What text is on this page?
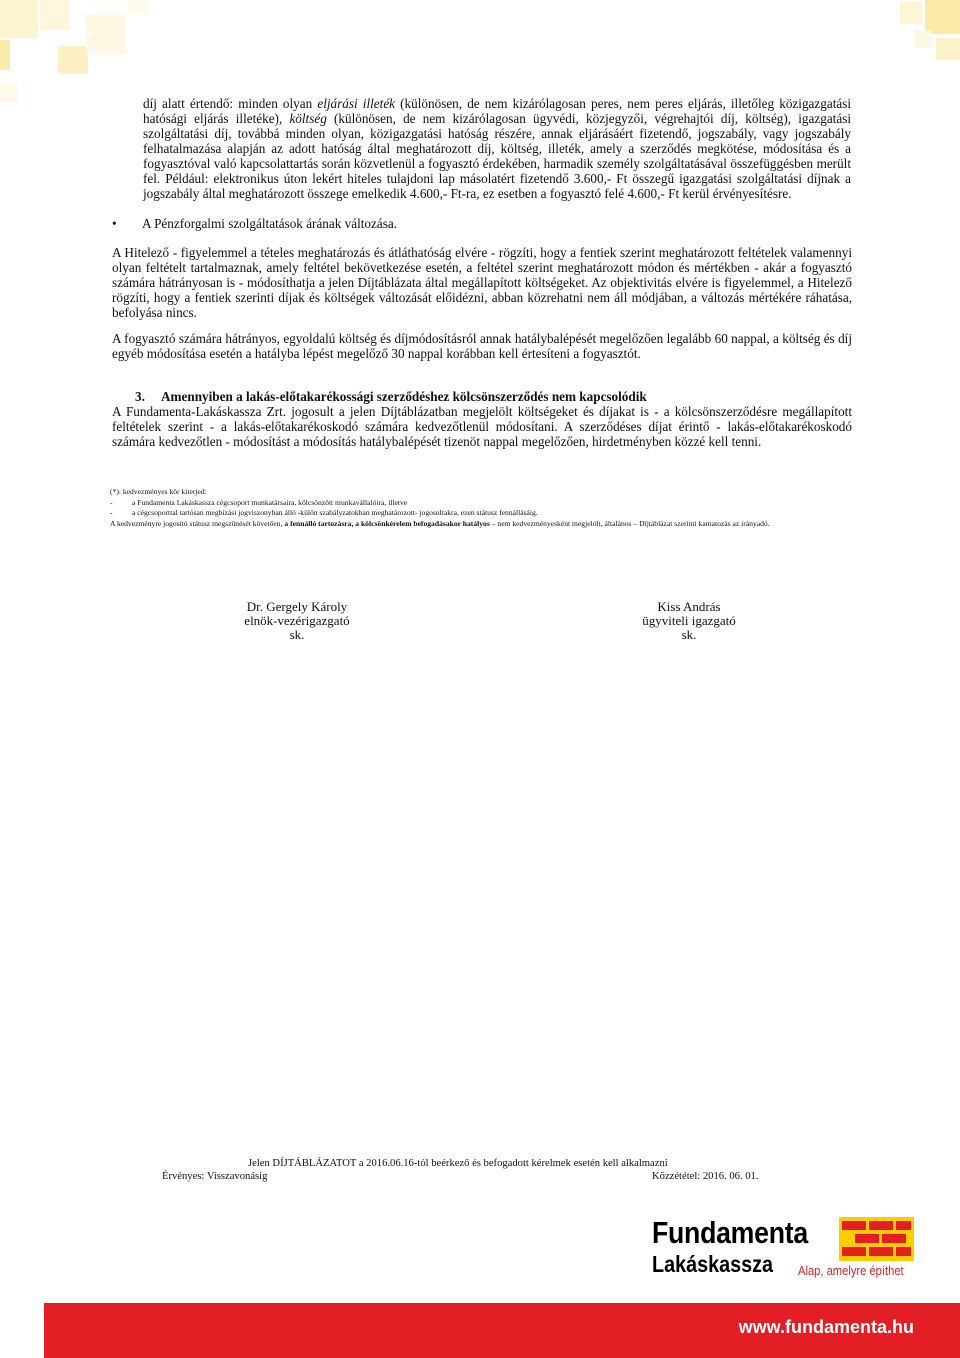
díj alatt értendő: minden olyan eljárási illeték (különösen, de nem kizárólagosan peres, nem peres eljárás, illetőleg közigazgatási hatósági eljárás illetéke), költség (különösen, de nem kizárólagosan ügyvédi, közjegyzői, végrehajtói díj, költség), igazgatási szolgáltatási díj, továbbá minden olyan, közigazgatási hatóság részére, annak eljárásáért fizetendő, jogszabály, vagy jogszabály felhatalmazása alapján az adott hatóság által meghatározott díj, költség, illeték, amely a szerződés megkötése, módosítása és a fogyasztóval való kapcsolattartás során közvetlenül a fogyasztó érdekében, harmadik személy szolgáltatásával összefüggésben merült fel. Például: elektronikus úton lekért hiteles tulajdoni lap másolatért fizetendő 3.600,- Ft összegű igazgatási szolgáltatási díjnak a jogszabály által meghatározott összege emelkedik 4.600,- Ft-ra, ez esetben a fogyasztó felé 4.600,- Ft kerül érvényesítésre.
•	A Pénzforgalmi szolgáltatások árának változása.
A Hitelező - figyelemmel a tételes meghatározás és átláthatóság elvére - rögzíti, hogy a fentiek szerint meghatározott feltételek valamennyi olyan feltételt tartalmaznak, amely feltétel bekövetkezése esetén, a feltétel szerint meghatározott módon és mértékben - akár a fogyasztó számára hátrányosan is - módosíthatja a jelen Díjtáblázata által megállapított költségeket. Az objektivitás elvére is figyelemmel, a Hitelező rögzíti, hogy a fentiek szerinti díjak és költségek változását előidézni, abban közrehatni nem áll módjában, a változás mértékére ráhatása, befolyása nincs.
A fogyasztó számára hátrányos, egyoldalú költség és díjmódosításról annak hatálybalépését megelőzően legalább 60 nappal, a költség és díj egyéb módosítása esetén a hatályba lépést megelőző 30 nappal korábban kell értesíteni a fogyasztót.
3. Amennyiben a lakás-előtakarékossági szerződéshez kölcsönszerződés nem kapcsolódik
A Fundamenta-Lakáskassza Zrt. jogosult a jelen Díjtáblázatban megjelölt költségeket és díjakat is - a kölcsönszerződésre megállapított feltételek szerint - a lakás-előtakarékoskodó számára kedvezőtlenül módosítani. A szerződéses díjat érintő - lakás-előtakarékoskodó számára kedvezőtlen - módosítást a módosítás hatálybalépését tizenöt nappal megelőzően, hirdetményben közzé kell tenni.
(*): kedvezményes kör kiterjed:
-	a Fundamenta Lakáskassza cégcsoport munkatársaira, kölcsönzött munkavállalóira, illetve
-	a cégcsoporttal tartósan megbízási jogviszonyban álló -külön szabályzatokban meghatározott- jogosultakra, ezen státusz fennállásáig.
A kedvezményre jogosító státusz megszűnését követően, a fennálló tartozásra, a kölcsönkérelem befogadásakor hatályos – nem kedvezményesként megjelölt, általános – Díjtáblázat szerinti kamatozás az irányadó.
Dr. Gergely Károly
elnök-vezérigazgató
sk.
Kiss András
ügyviteli igazgató
sk.
Jelen DÍJTÁBLÁZATOT a 2016.06.16-tól beérkező és befogadott kérelmek esetén kell alkalmazni
Érvényes: Visszavonásig	Közzététel: 2016. 06. 01.
Fundamenta
Lakáskassza Alap, amelyre építhet
www.fundamenta.hu
